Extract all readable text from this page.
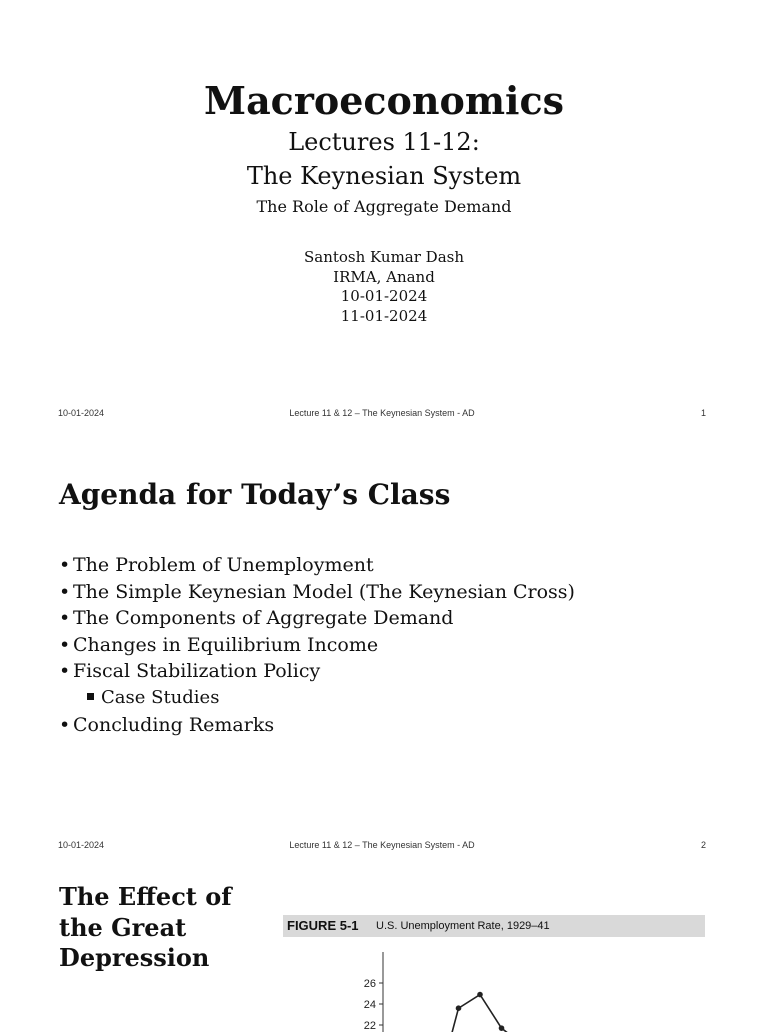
Macroeconomics
Lectures 11-12:
The Keynesian System
The Role of Aggregate Demand
Santosh Kumar Dash
IRMA, Anand
10-01-2024
11-01-2024
10-01-2024	Lecture 11 & 12 – The Keynesian System - AD	1
Agenda for Today’s Class
• The Problem of Unemployment
• The Simple Keynesian Model (The Keynesian Cross)
• The Components of Aggregate Demand
• Changes in Equilibrium Income
• Fiscal Stabilization Policy
Case Studies
• Concluding Remarks
10-01-2024	Lecture 11 & 12 – The Keynesian System - AD	2
The Effect of
the Great
Depression
FIGURE 5-1 U.S. Unemployment Rate, 1929–41
22
24
26
